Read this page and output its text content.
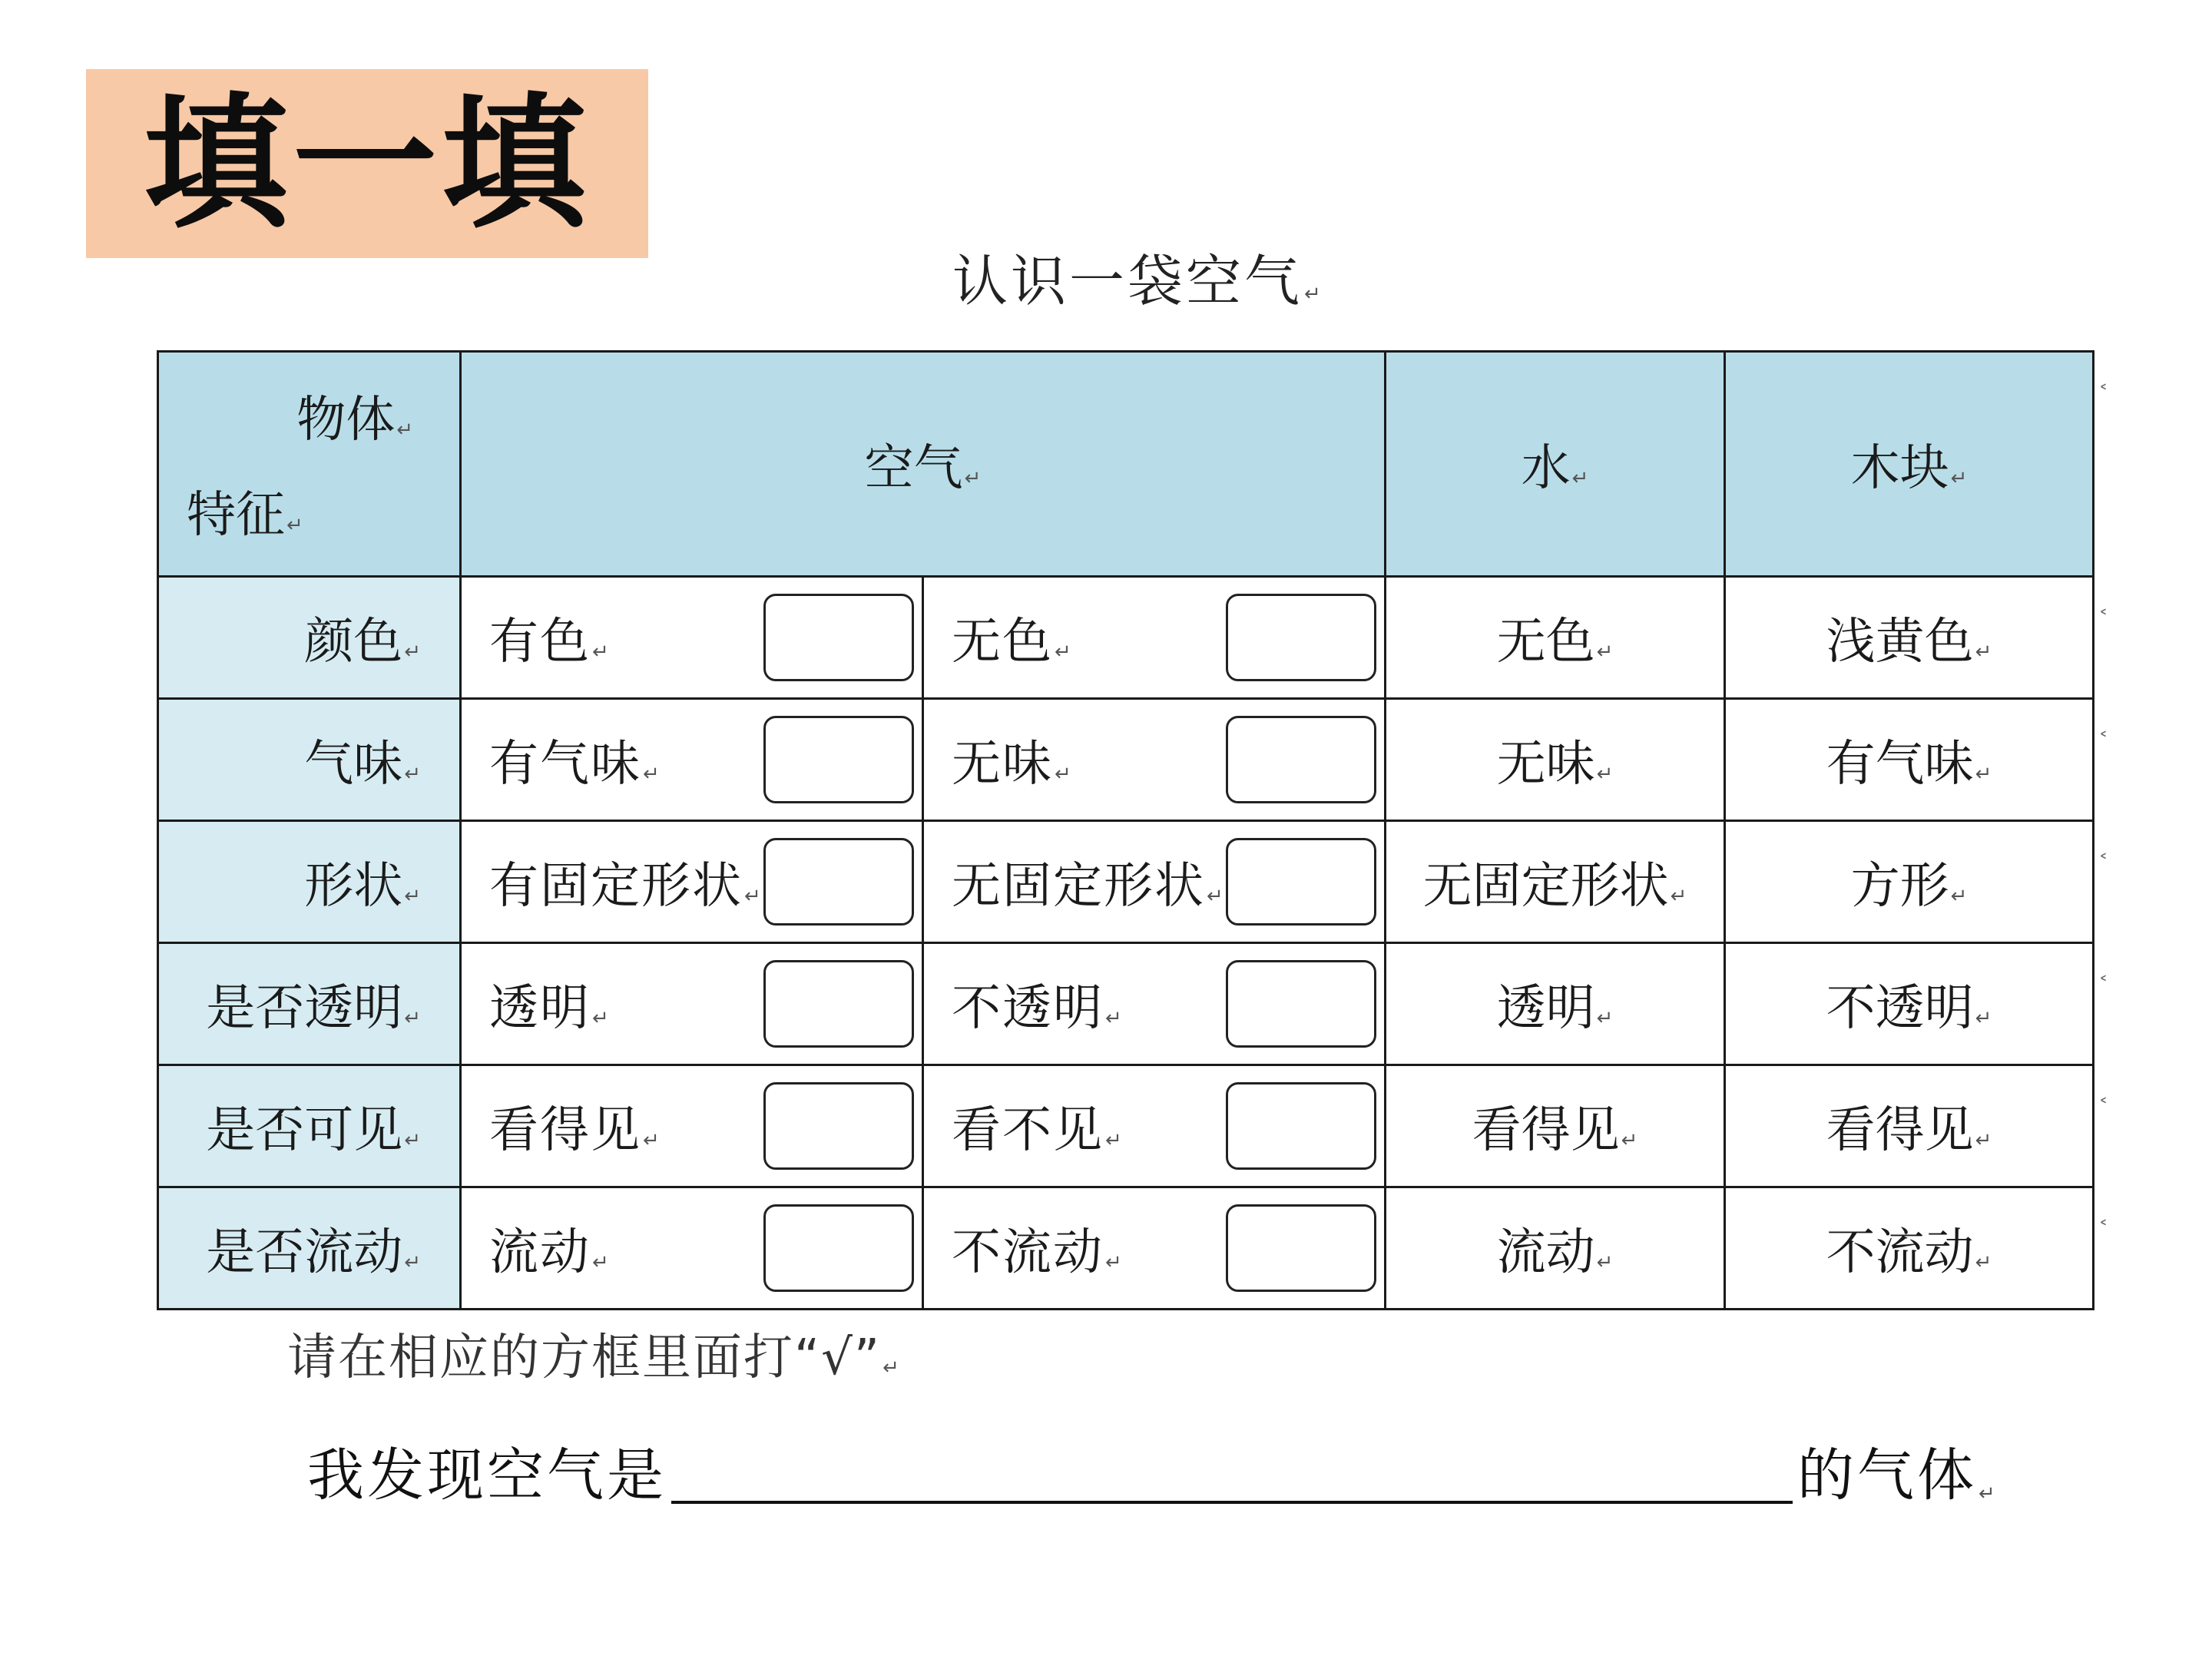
填一填
认识一袋空气↵
物体↵
特征↵	空气↵		水↵	木块↵
颜色↵	有色↵	无色↵	无色↵	浅黄色↵
气味↵	有气味↵	无味↵	无味↵	有气味↵
形状↵	有固定形状↵	无固定形状↵	无固定形状↵	方形↵
是否透明↵	透明↵	不透明↵	透明↵	不透明↵
是否可见↵	看得见↵	看不见↵	看得见↵	看得见↵
是否流动↵	流动↵	不流动↵	流动↵	不流动↵
请在相应的方框里面打“√”↵
我发现空气是	的气体 ↵
˂
˂
˂
˂
˂
˂
˂
